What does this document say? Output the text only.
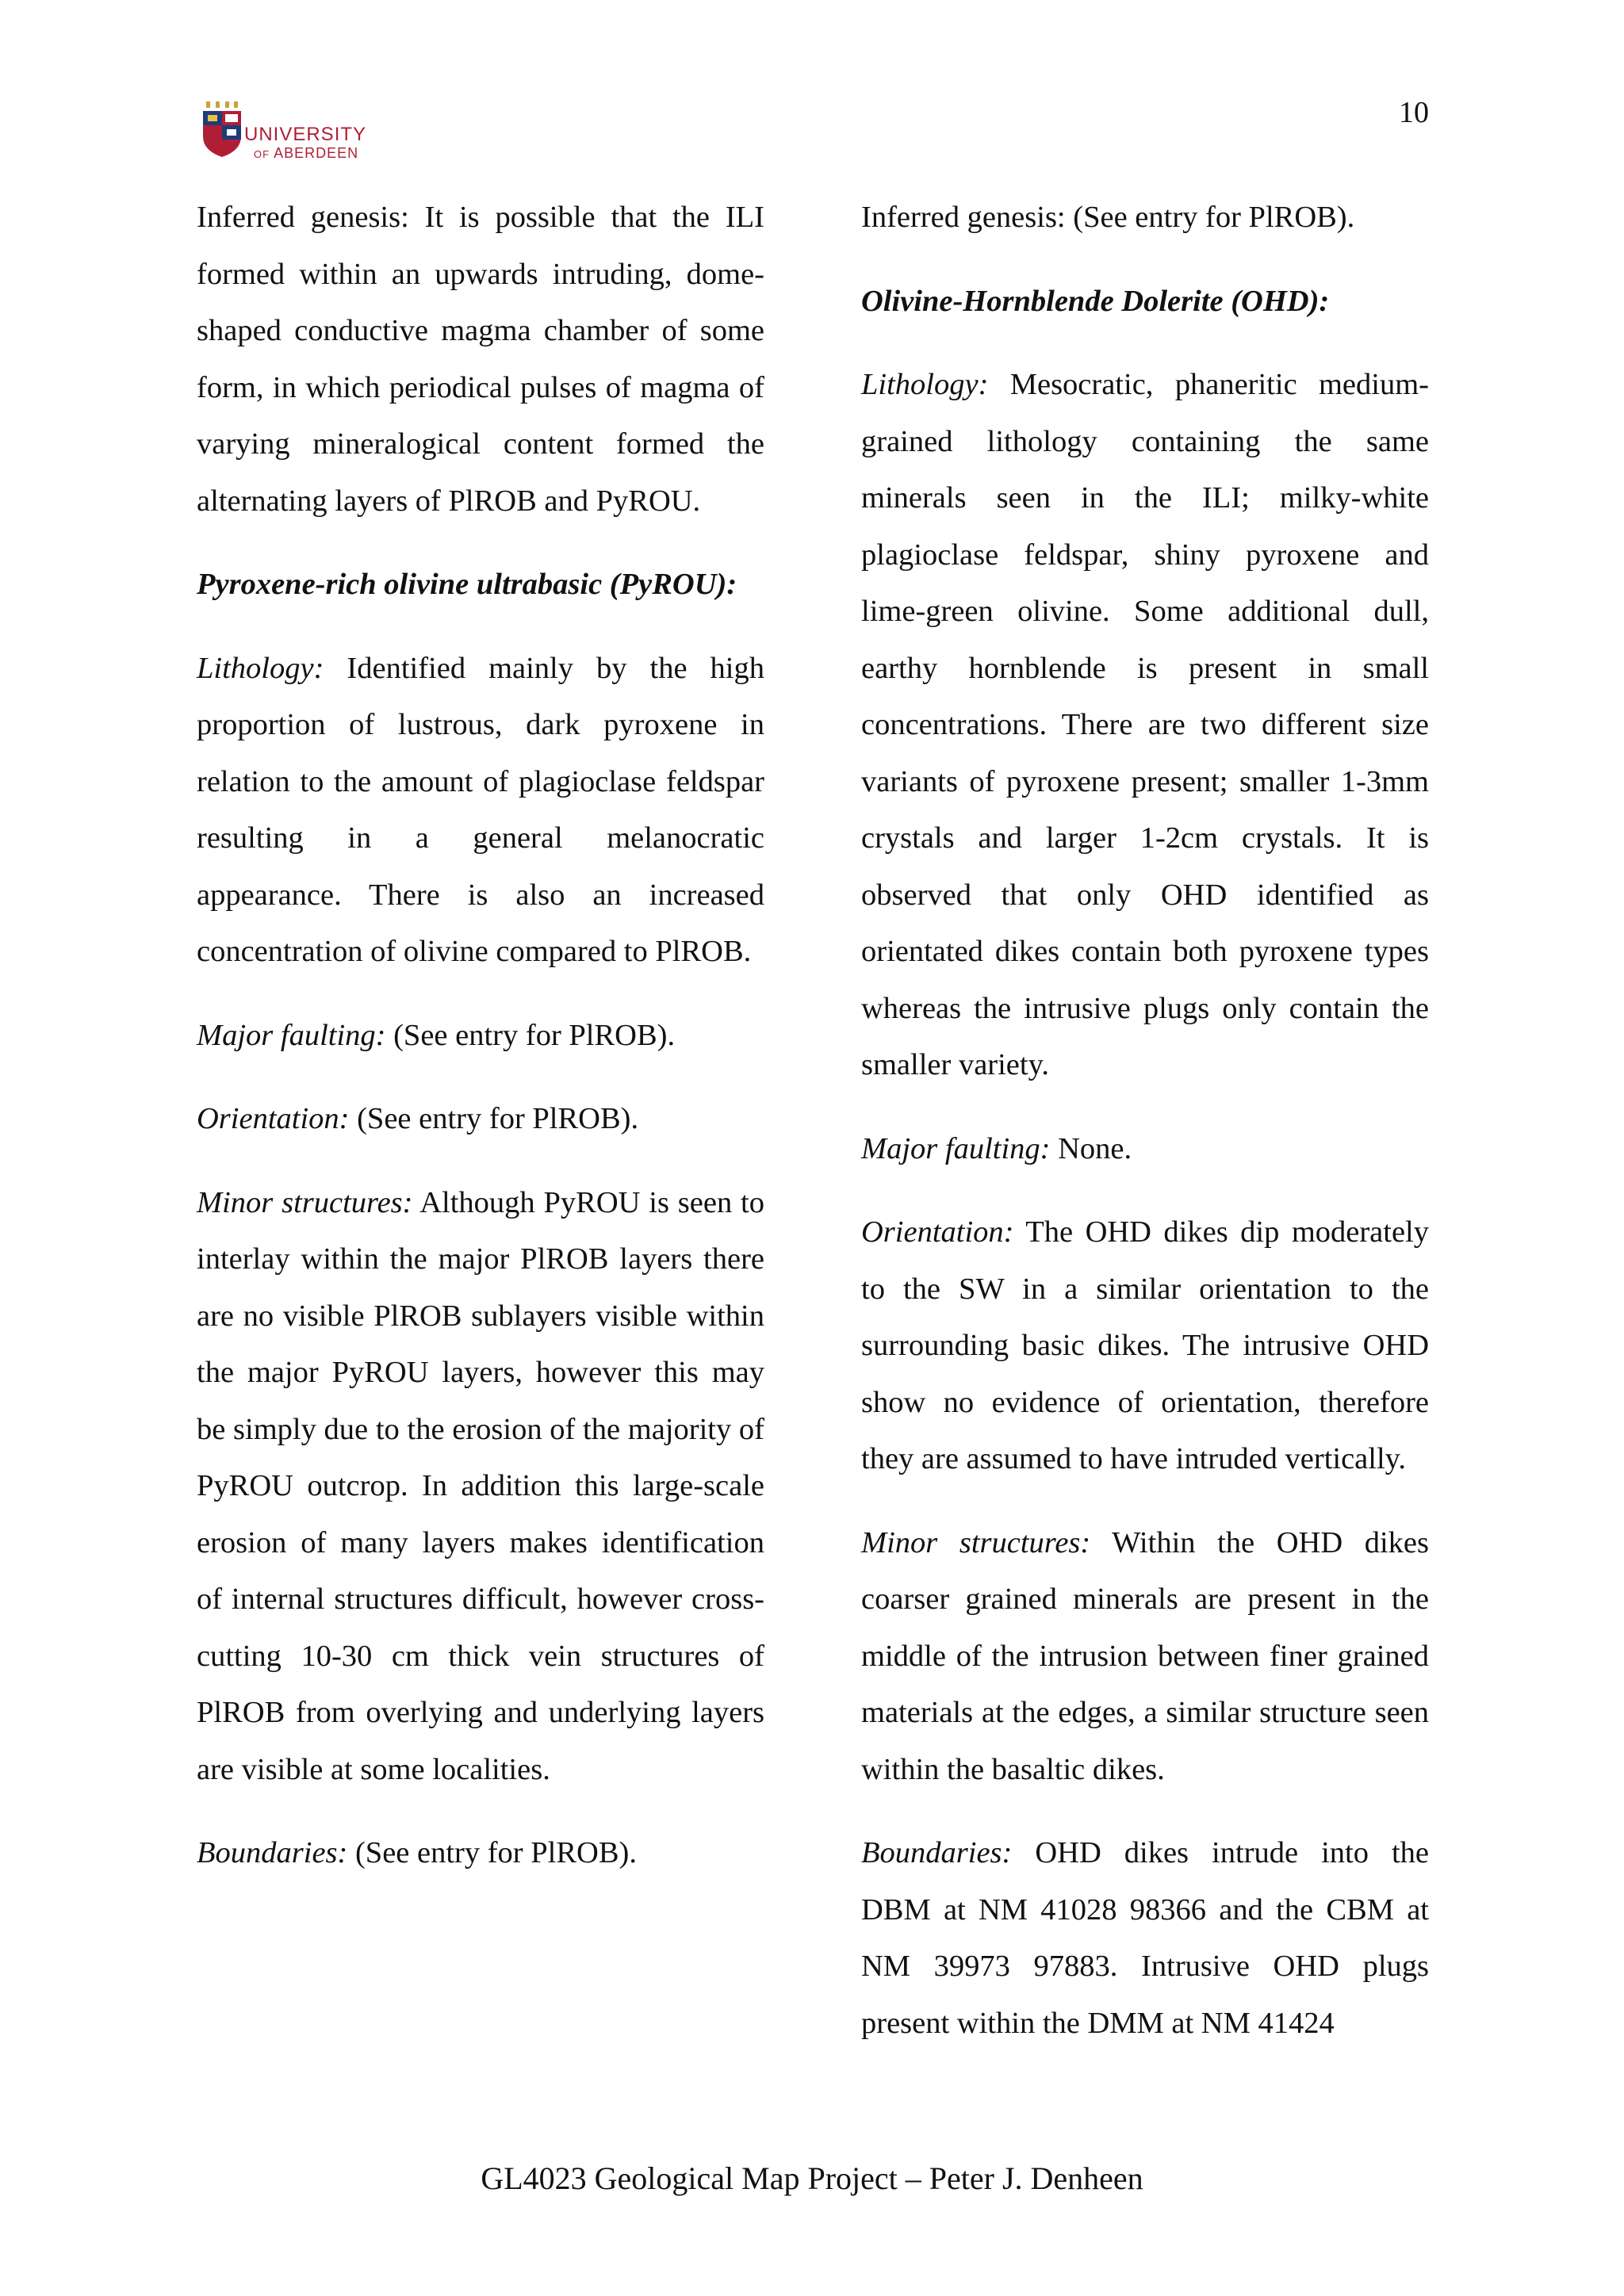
UNIVERSITY
OF ABERDEEN
10

Inferred genesis: It is possible that the ILI formed within an upwards intruding, dome-shaped conductive magma chamber of some form, in which periodical pulses of magma of varying mineralogical content formed the alternating layers of PlROB and PyROU.

Pyroxene-rich olivine ultrabasic (PyROU):

Lithology: Identified mainly by the high proportion of lustrous, dark pyroxene in relation to the amount of plagioclase feldspar resulting in a general melanocratic appearance. There is also an increased concentration of olivine compared to PlROB.

Major faulting: (See entry for PlROB).

Orientation: (See entry for PlROB).

Minor structures: Although PyROU is seen to interlay within the major PlROB layers there are no visible PlROB sublayers visible within the major PyROU layers, however this may be simply due to the erosion of the majority of PyROU outcrop. In addition this large-scale erosion of many layers makes identification of internal structures difficult, however cross-cutting 10-30 cm thick vein structures of PlROB from overlying and underlying layers are visible at some localities.

Boundaries: (See entry for PlROB).

Inferred genesis: (See entry for PlROB).

Olivine-Hornblende Dolerite (OHD):

Lithology: Mesocratic, phaneritic medium-grained lithology containing the same minerals seen in the ILI; milky-white plagioclase feldspar, shiny pyroxene and lime-green olivine. Some additional dull, earthy hornblende is present in small concentrations. There are two different size variants of pyroxene present; smaller 1-3mm crystals and larger 1-2cm crystals. It is observed that only OHD identified as orientated dikes contain both pyroxene types whereas the intrusive plugs only contain the smaller variety.

Major faulting: None.

Orientation: The OHD dikes dip moderately to the SW in a similar orientation to the surrounding basic dikes. The intrusive OHD show no evidence of orientation, therefore they are assumed to have intruded vertically.

Minor structures: Within the OHD dikes coarser grained minerals are present in the middle of the intrusion between finer grained materials at the edges, a similar structure seen within the basaltic dikes.

Boundaries: OHD dikes intrude into the DBM at NM 41028 98366 and the CBM at NM 39973 97883. Intrusive OHD plugs present within the DMM at NM 41424

GL4023 Geological Map Project – Peter J. Denheen
